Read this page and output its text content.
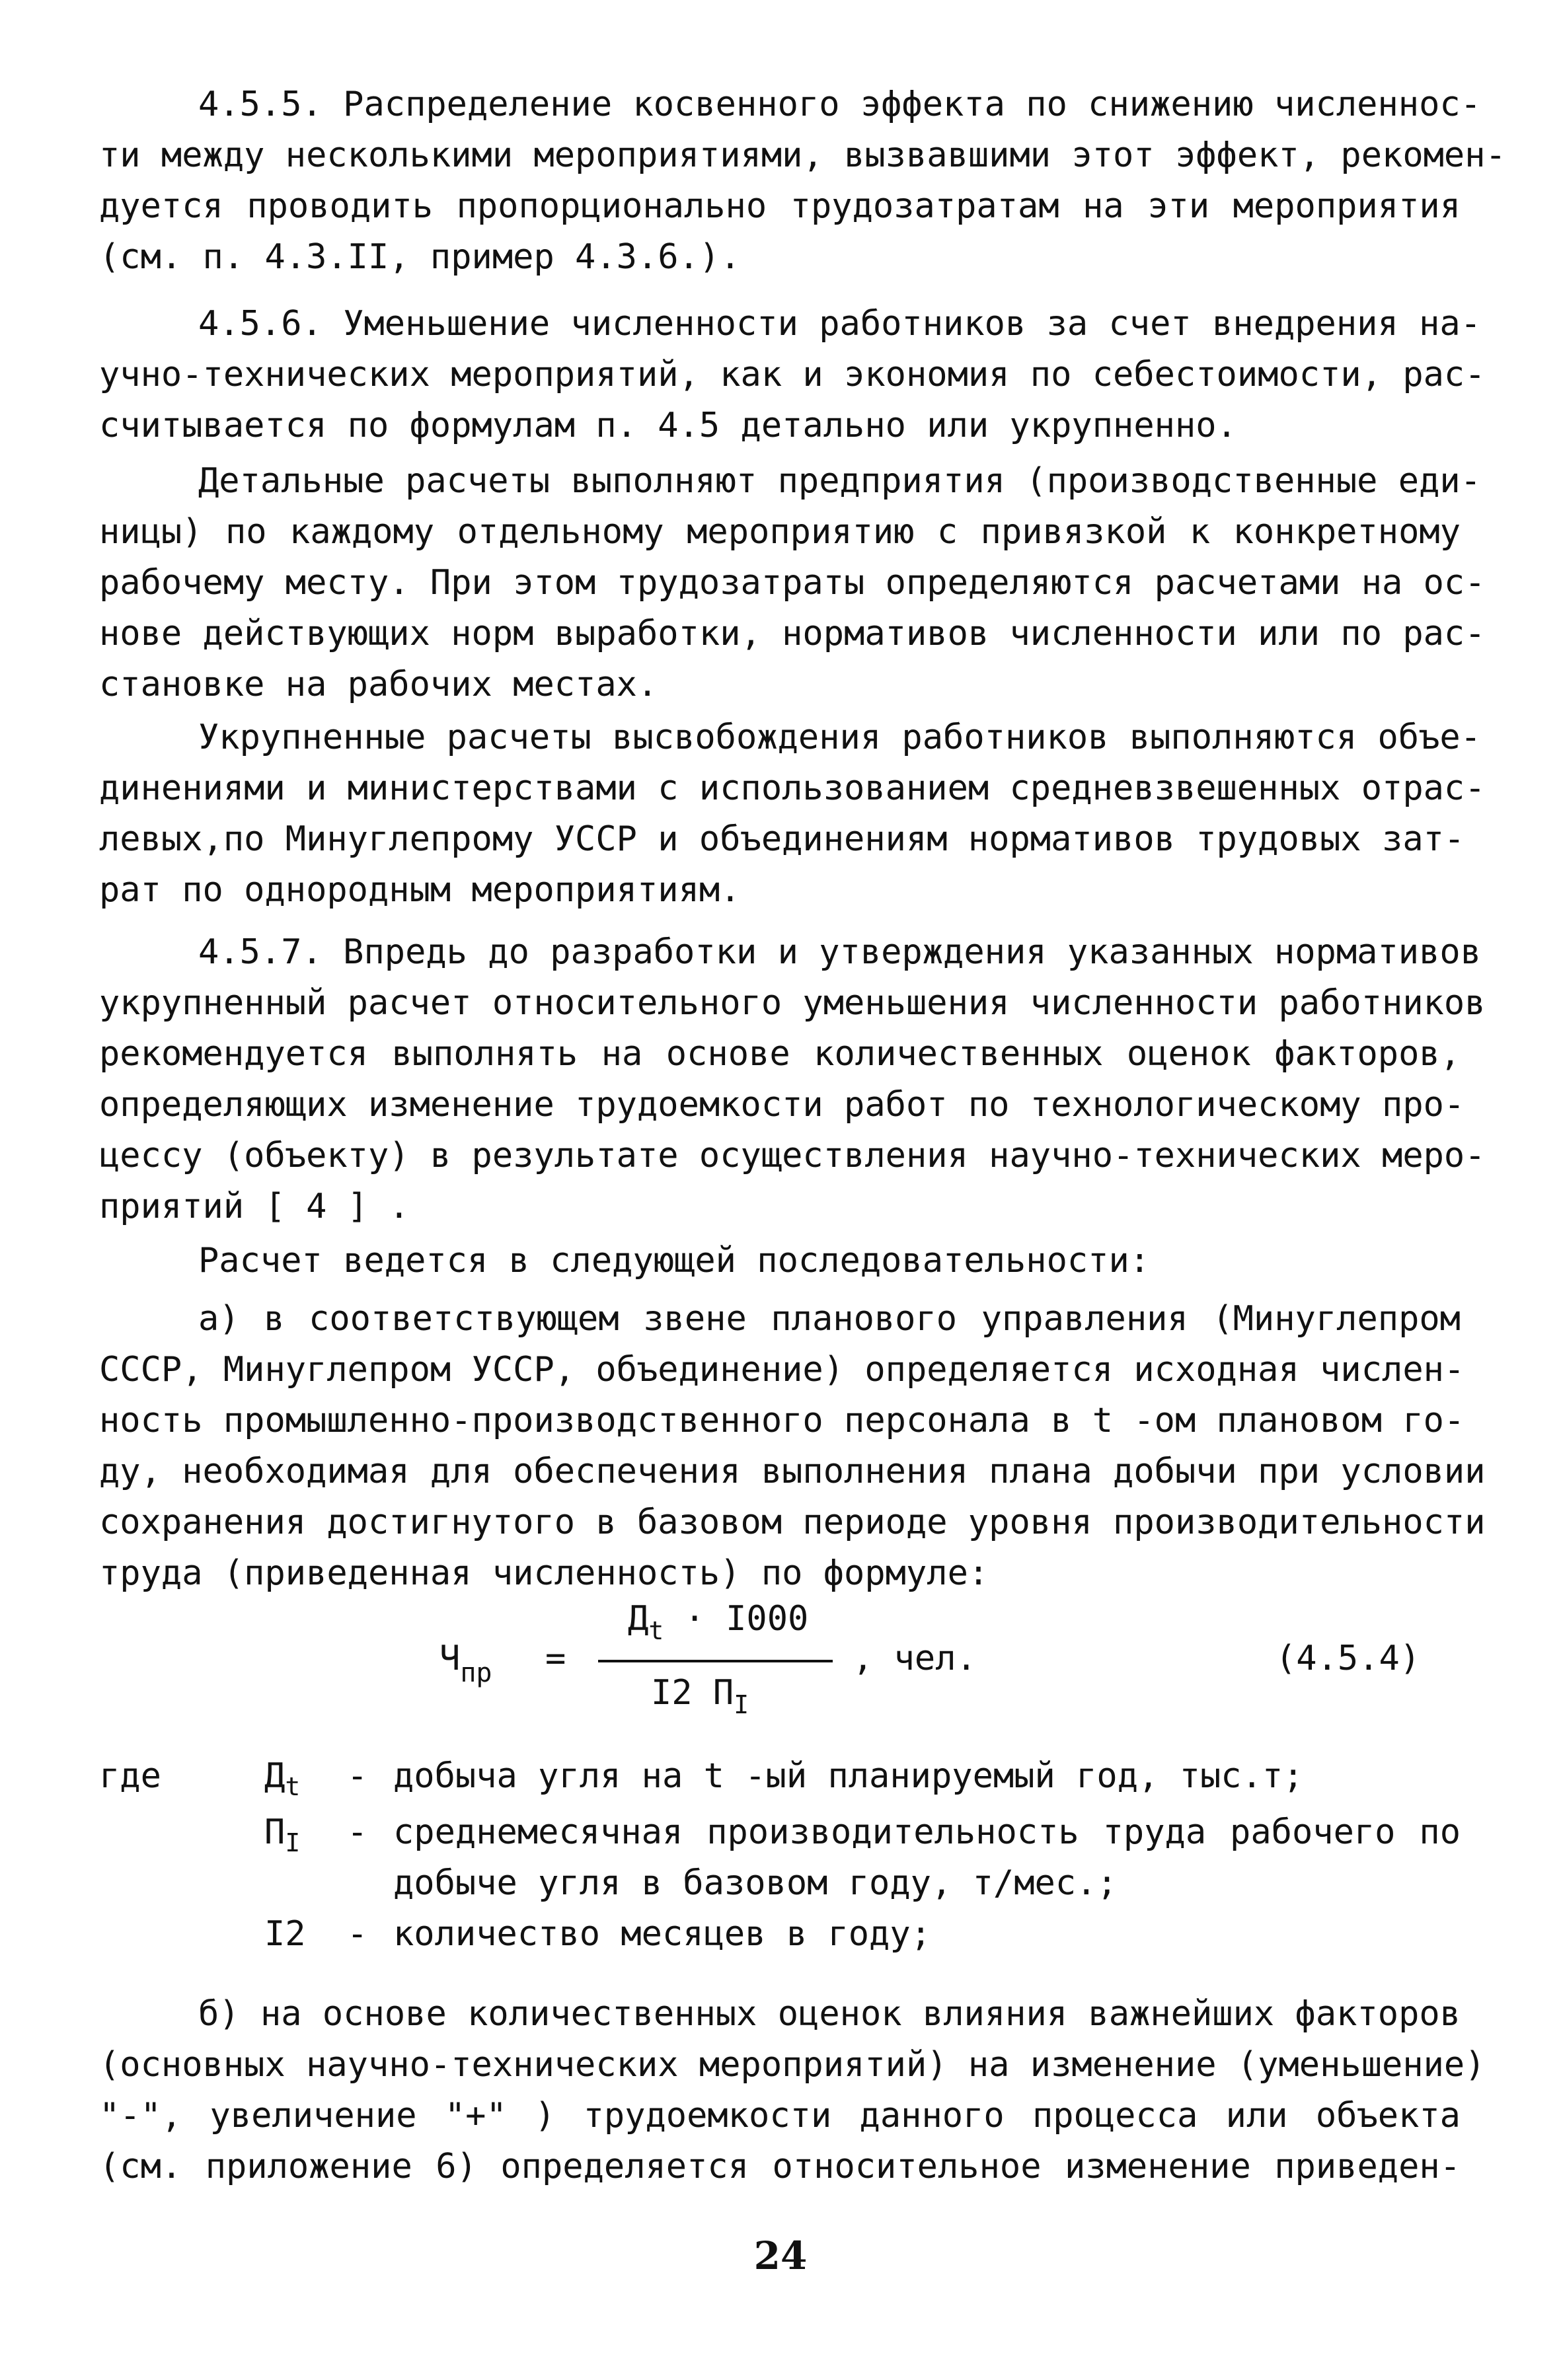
4.5.5. Распределение косвенного эффекта по снижению численнос-
ти между несколькими мероприятиями, вызвавшими этот эффект, рекомен-
дуется проводить пропорционально трудозатратам на эти мероприятия
(см. п. 4.3.II, пример 4.3.6.).
4.5.6. Уменьшение численности работников за счет внедрения на-
учно-технических мероприятий, как и экономия по себестоимости, рас-
считывается по формулам п. 4.5 детально или укрупненно.
Детальные расчеты выполняют предприятия (производственные еди-
ницы) по каждому отдельному мероприятию с привязкой к конкретному
рабочему месту. При этом трудозатраты определяются расчетами на ос-
нове действующих норм выработки, нормативов численности или по рас-
становке на рабочих местах.
Укрупненные расчеты высвобождения работников выполняются объе-
динениями и министерствами с использованием средневзвешенных отрас-
левых,по Минуглепрому УССР и объединениям нормативов трудовых зат-
рат по однородным мероприятиям.
4.5.7. Впредь до разработки и утверждения указанных нормативов
укрупненный расчет относительного уменьшения численности работников
рекомендуется выполнять на основе количественных оценок факторов,
определяющих изменение трудоемкости работ по технологическому про-
цессу (объекту) в результате осуществления научно-технических меро-
приятий [ 4 ] .
Расчет ведется в следующей последовательности:
а) в соответствующем звене планового управления (Минуглепром
СССР, Минуглепром УССР, объединение) определяется исходная числен-
ность промышленно-производственного персонала в t -ом плановом го-
ду, необходимая для обеспечения выполнения плана добычи при условии
сохранения достигнутого в базовом периоде уровня производительности
труда (приведенная численность) по формуле:
$Ч_{пр}$ =
$Д_t \cdot I000$
I2 $П_I$
, чел.	(4.5.4)
где	$Д_t$ - добыча угля на t -ый планируемый год, тыс.т;
$П_I$ - среднемесячная производительность труда рабочего по
добыче угля в базовом году, т/мес.;
I2 - количество месяцев в году;
б) на основе количественных оценок влияния важнейших факторов
(основных научно-технических мероприятий) на изменение (уменьшение)
"-", увеличение "+" ) трудоемкости данного процесса или объекта
(см. приложение 6) определяется относительное изменение приведен-
24
